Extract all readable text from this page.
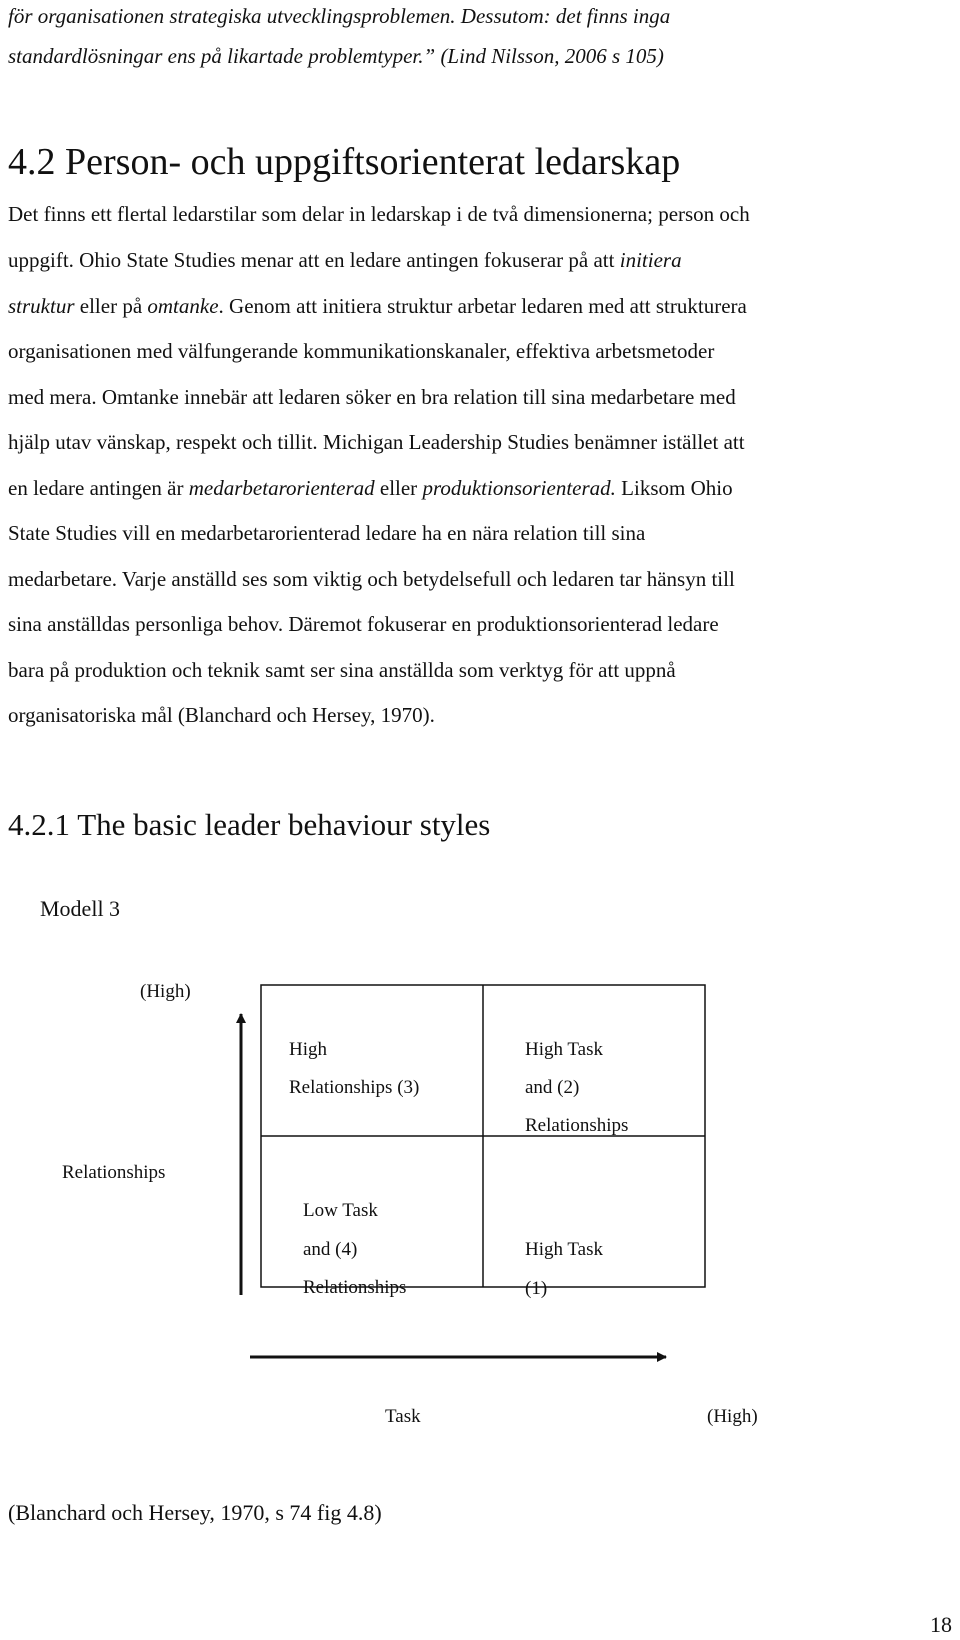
för organisationen strategiska utvecklingsproblemen. Dessutom: det finns inga
standardlösningar ens på likartade problemtyper.” (Lind Nilsson, 2006 s 105)
4.2 Person- och uppgiftsorienterat ledarskap
Det finns ett flertal ledarstilar som delar in ledarskap i de två dimensionerna; person och
uppgift. Ohio State Studies menar att en ledare antingen fokuserar på att initiera
struktur eller på omtanke. Genom att initiera struktur arbetar ledaren med att strukturera
organisationen med välfungerande kommunikationskanaler, effektiva arbetsmetoder
med mera. Omtanke innebär att ledaren söker en bra relation till sina medarbetare med
hjälp utav vänskap, respekt och tillit. Michigan Leadership Studies benämner istället att
en ledare antingen är medarbetarorienterad eller produktionsorienterad. Liksom Ohio
State Studies vill en medarbetarorienterad ledare ha en nära relation till sina
medarbetare. Varje anställd ses som viktig och betydelsefull och ledaren tar hänsyn till
sina anställdas personliga behov. Däremot fokuserar en produktionsorienterad ledare
bara på produktion och teknik samt ser sina anställda som verktyg för att uppnå
organisatoriska mål (Blanchard och Hersey, 1970).
4.2.1 The basic leader behaviour styles
Modell 3
(High)
Relationships
Task	(High)
High
Relationships (3)
High Task
and (2)
Relationships
Low Task
and (4)
Relationships
High Task
(1)
(Blanchard och Hersey, 1970, s 74 fig 4.8)
18
